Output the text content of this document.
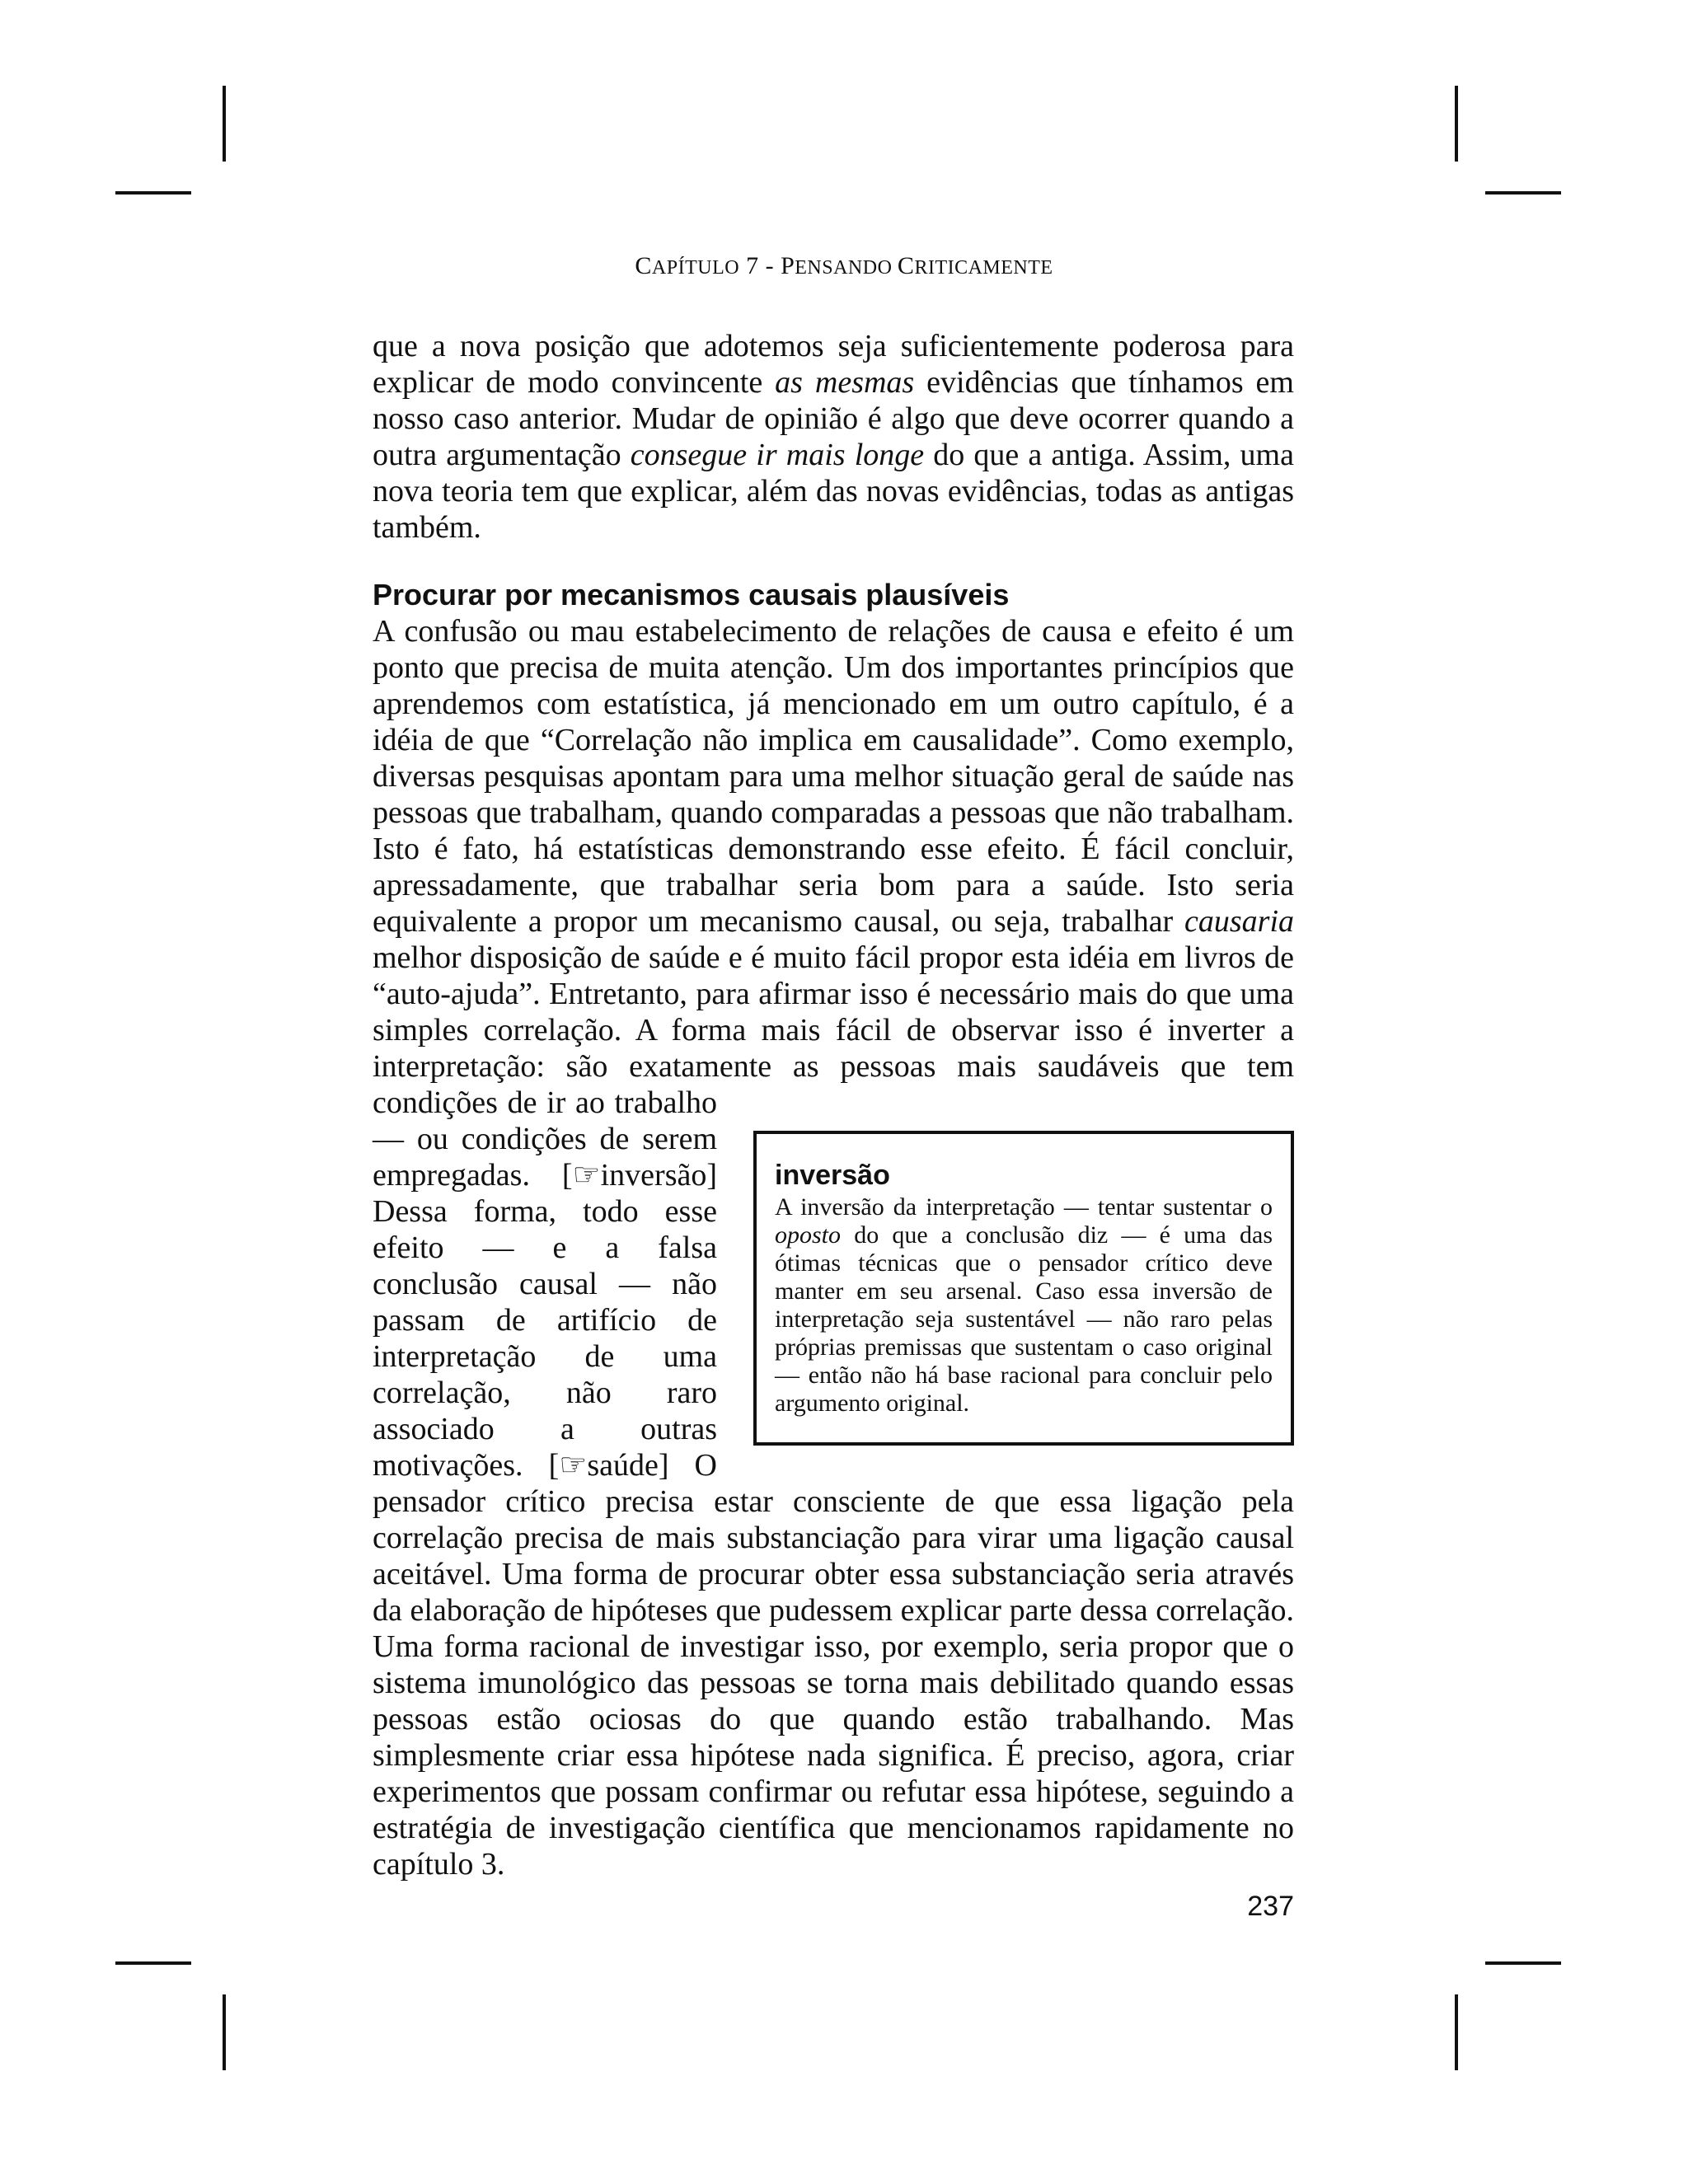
CAPÍTULO 7 - PENSANDO CRITICAMENTE

que a nova posição que adotemos seja suficientemente poderosa para explicar de modo convincente as mesmas evidências que tínhamos em nosso caso anterior. Mudar de opinião é algo que deve ocorrer quando a outra argumentação consegue ir mais longe do que a antiga. Assim, uma nova teoria tem que explicar, além das novas evidências, todas as antigas também.

Procurar por mecanismos causais plausíveis

A confusão ou mau estabelecimento de relações de causa e efeito é um ponto que precisa de muita atenção. Um dos importantes princípios que aprendemos com estatística, já mencionado em um outro capítulo, é a idéia de que “Correlação não implica em causalidade”. Como exemplo, diversas pesquisas apontam para uma melhor situação geral de saúde nas pessoas que trabalham, quando comparadas a pessoas que não trabalham. Isto é fato, há estatísticas demonstrando esse efeito. É fácil concluir, apressadamente, que trabalhar seria bom para a saúde. Isto seria equivalente a propor um mecanismo causal, ou seja, trabalhar causaria melhor disposição de saúde e é muito fácil propor esta idéia em livros de “auto-ajuda”. Entretanto, para afirmar isso é necessário mais do que uma simples correlação. A forma mais fácil de observar isso é inverter a interpretação: são exatamente as pessoas

inversão

A inversão da interpretação — tentar sustentar o oposto do que a conclusão diz — é uma das ótimas técnicas que o pensador crítico deve manter em seu arsenal. Caso essa inversão de interpretação seja sustentável — não raro pelas próprias premissas que sustentam o caso original — então não há base racional para concluir pelo argumento original.

mais saudáveis que tem condições de ir ao trabalho — ou condições de serem empregadas. [☞inversão] Dessa forma, todo esse efeito — e a falsa conclusão causal — não passam de artifício de interpretação de uma correlação, não raro associado a outras motivações. [☞saúde] O pensador crítico precisa estar consciente de que essa ligação pela correlação precisa de mais substanciação para virar uma ligação causal aceitável. Uma forma de procurar obter essa substanciação seria através da elaboração de hipóteses que pudessem explicar parte dessa correlação. Uma forma racional de investigar isso, por exemplo, seria propor que o sistema imunológico das pessoas se torna mais debilitado quando essas pessoas estão ociosas do que quando estão trabalhando. Mas simplesmente criar essa hipótese nada significa. É preciso, agora, criar experimentos que possam confirmar ou refutar essa hipótese, seguindo a estratégia de investigação científica que mencionamos rapidamente no capítulo 3.

237
